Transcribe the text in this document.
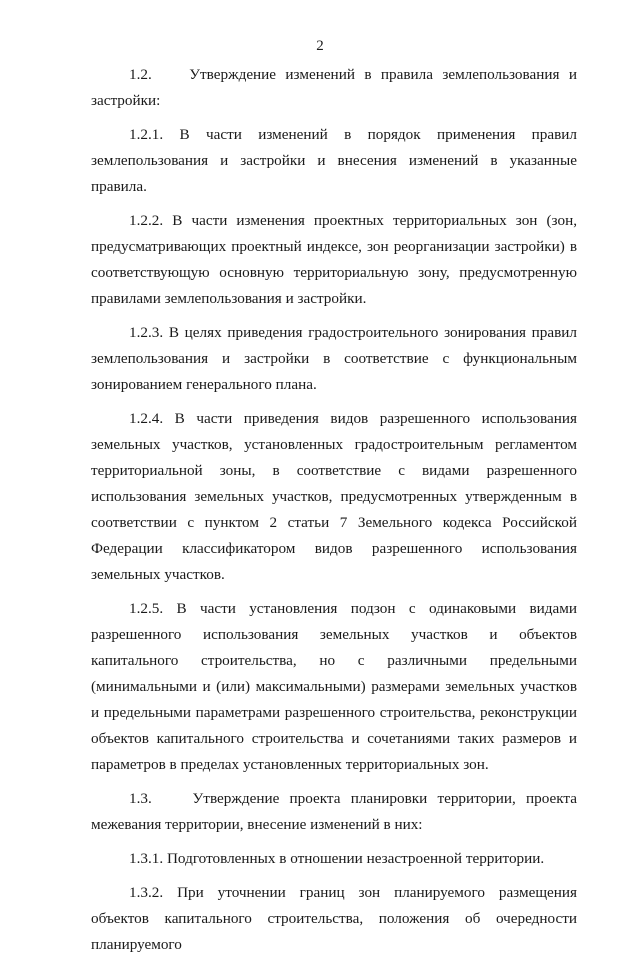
2

1.2.    Утверждение изменений в правила землепользования и застройки:

1.2.1. В части изменений в порядок применения правил землепользования и застройки и внесения изменений в указанные правила.

1.2.2. В части изменения проектных территориальных зон (зон, предусматривающих проектный индексе, зон реорганизации застройки) в соответствующую основную территориальную зону, предусмотренную правилами землепользования и застройки.

1.2.3. В целях приведения градостроительного зонирования правил землепользования и застройки в соответствие с функциональным зонированием генерального плана.

1.2.4. В части приведения видов разрешенного использования земельных участков, установленных градостроительным регламентом территориальной зоны, в соответствие с видами разрешенного использования земельных участков, предусмотренных утвержденным в соответствии с пунктом 2 статьи 7 Земельного кодекса Российской Федерации классификатором видов разрешенного использования земельных участков.

1.2.5. В части установления подзон с одинаковыми видами разрешенного использования земельных участков и объектов капитального строительства, но с различными предельными (минимальными и (или) максимальными) размерами земельных участков и предельными параметрами разрешенного строительства, реконструкции объектов капитального строительства и сочетаниями таких размеров и параметров в пределах установленных территориальных зон.

1.3.    Утверждение проекта планировки территории, проекта межевания территории, внесение изменений в них:

1.3.1. Подготовленных в отношении незастроенной территории.

1.3.2. При уточнении границ зон планируемого размещения объектов капитального строительства, положения об очередности планируемого
